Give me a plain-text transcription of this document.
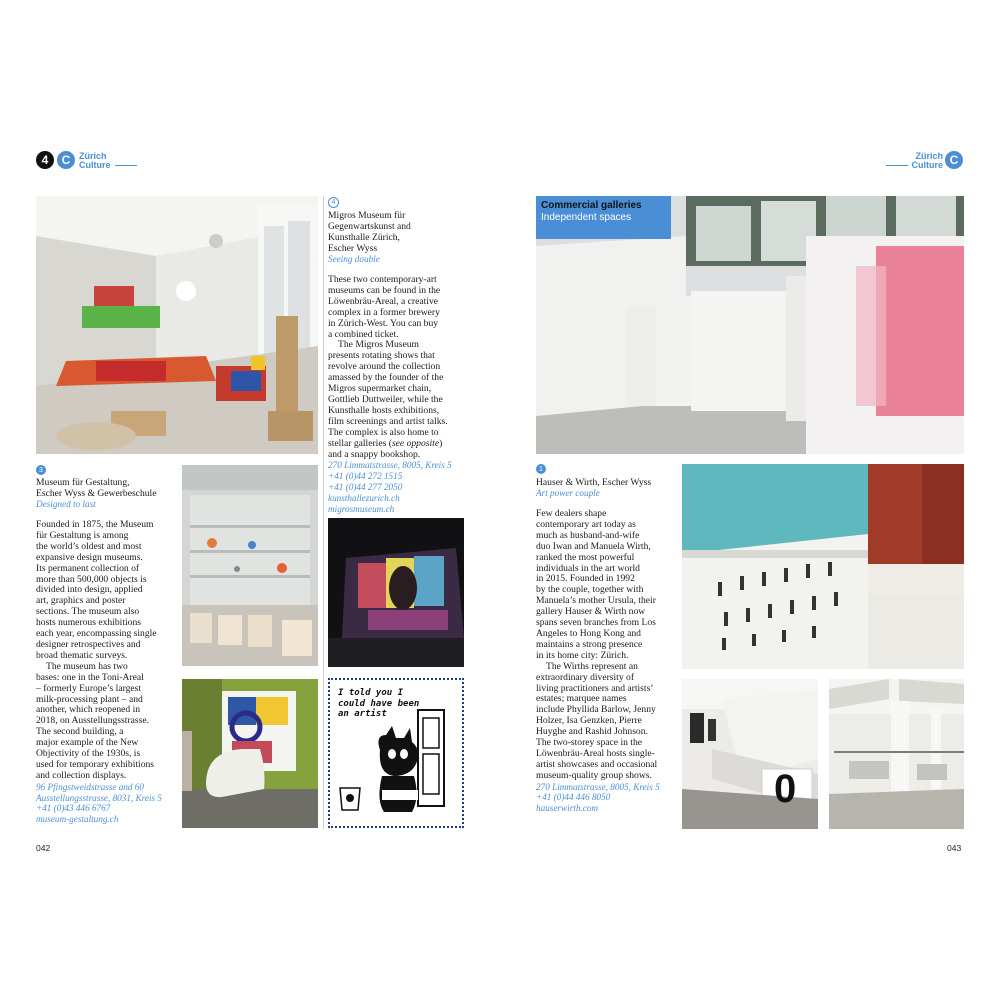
4 C Zürich
Culture
Zürich
Culture C
I told you I
could have been
an artist
4
Migros Museum für
Gegenwartskunst and
Kunsthalle Zürich,
Escher Wyss
Seeing double

These two contemporary-art
museums can be found in the
Löwenbräu-Areal, a creative
complex in a former brewery
in Zürich-West. You can buy
a combined ticket.

The Migros Museum
presents rotating shows that
revolve around the collection
amassed by the founder of the
Migros supermarket chain,
Gottlieb Duttweiler, while the
Kunsthalle hosts exhibitions,
film screenings and artist talks.
The complex is also home to
stellar galleries (see opposite)
and a snappy bookshop.

270 Limmatstrasse, 8005, Kreis 5
+41 (0)44 272 1515
+41 (0)44 277 2050
kunsthallezurich.ch
migrosmuseum.ch
3
Museum für Gestaltung,
Escher Wyss & Gewerbeschule
Designed to last

Founded in 1875, the Museum
für Gestaltung is among
the world’s oldest and most
expansive design museums.
Its permanent collection of
more than 500,000 objects is
divided into design, applied
art, graphics and poster
sections. The museum also
hosts numerous exhibitions
each year, encompassing single
designer retrospectives and
broad thematic surveys.

The museum has two
bases: one in the Toni-Areal
– formerly Europe’s largest
milk-processing plant – and
another, which reopened in
2018, on Ausstellungsstrasse.
The second building, a
major example of the New
Objectivity of the 1930s, is
used for temporary exhibitions
and collection displays.

96 Pfingstweidstrasse and 60
Ausstellungsstrasse, 8031, Kreis 5
+41 (0)43 446 6767
museum-gestaltung.ch
Commercial galleries
Independent spaces
0
1
Hauser & Wirth, Escher Wyss
Art power couple

Few dealers shape
contemporary art today as
much as husband-and-wife
duo Iwan and Manuela Wirth,
ranked the most powerful
individuals in the art world
in 2015. Founded in 1992
by the couple, together with
Manuela’s mother Ursula, their
gallery Hauser & Wirth now
spans seven branches from Los
Angeles to Hong Kong and
maintains a strong presence
in its home city: Zürich.

The Wirths represent an
extraordinary diversity of
living practitioners and artists’
estates; marquee names
include Phyllida Barlow, Jenny
Holzer, Isa Genzken, Pierre
Huyghe and Rashid Johnson.
The two-storey space in the
Löwenbräu-Areal hosts single-
artist showcases and occasional
museum-quality group shows.

270 Limmatstrasse, 8005, Kreis 5
+41 (0)44 446 8050
hauserwirth.com
042	043
